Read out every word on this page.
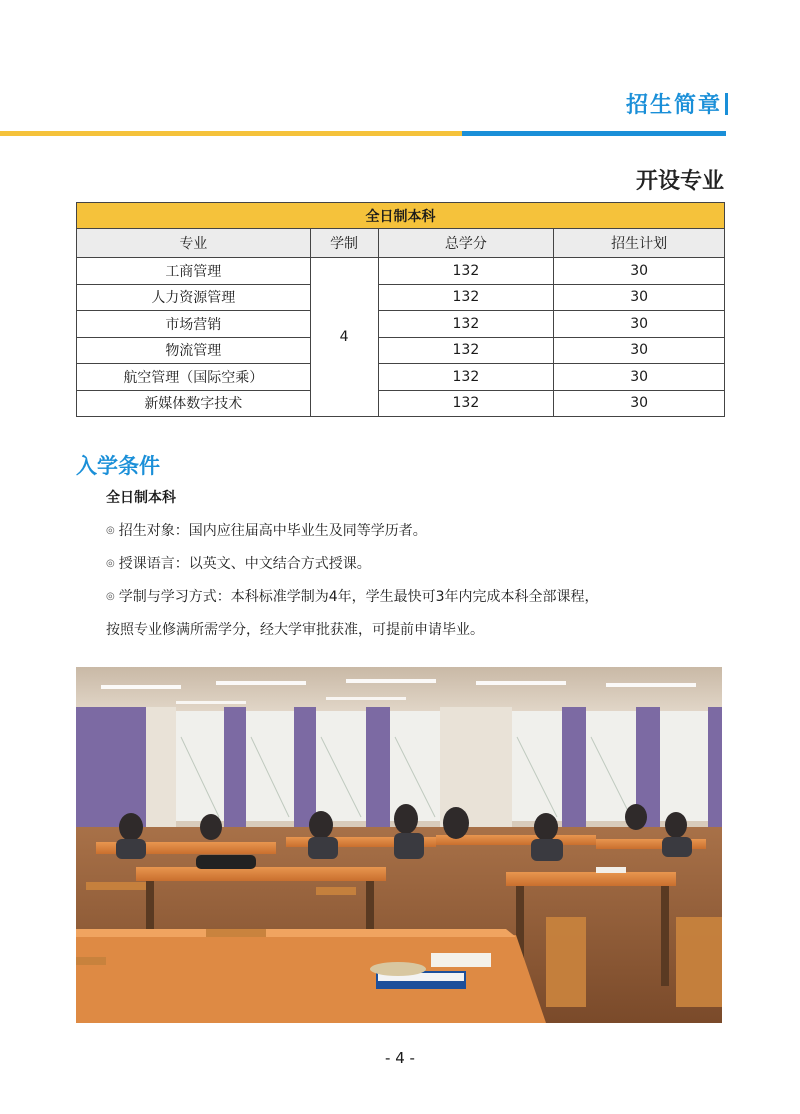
招生简章
开设专业
全日制本科			
专业	学制	总学分	招生计划
工商管理	4	132	30
人力资源管理		132	30
市场营销		132	30
物流管理		132	30
航空管理（国际空乘）		132	30
新媒体数字技术		132	30
入学条件
全日制本科
◎ 招生对象：国内应往届高中毕业生及同等学历者。
◎ 授课语言：以英文、中文结合方式授课。
◎ 学制与学习方式：本科标准学制为4年，学生最快可3年内完成本科全部课程，
按照专业修满所需学分，经大学审批获准，可提前申请毕业。
- 4 -
